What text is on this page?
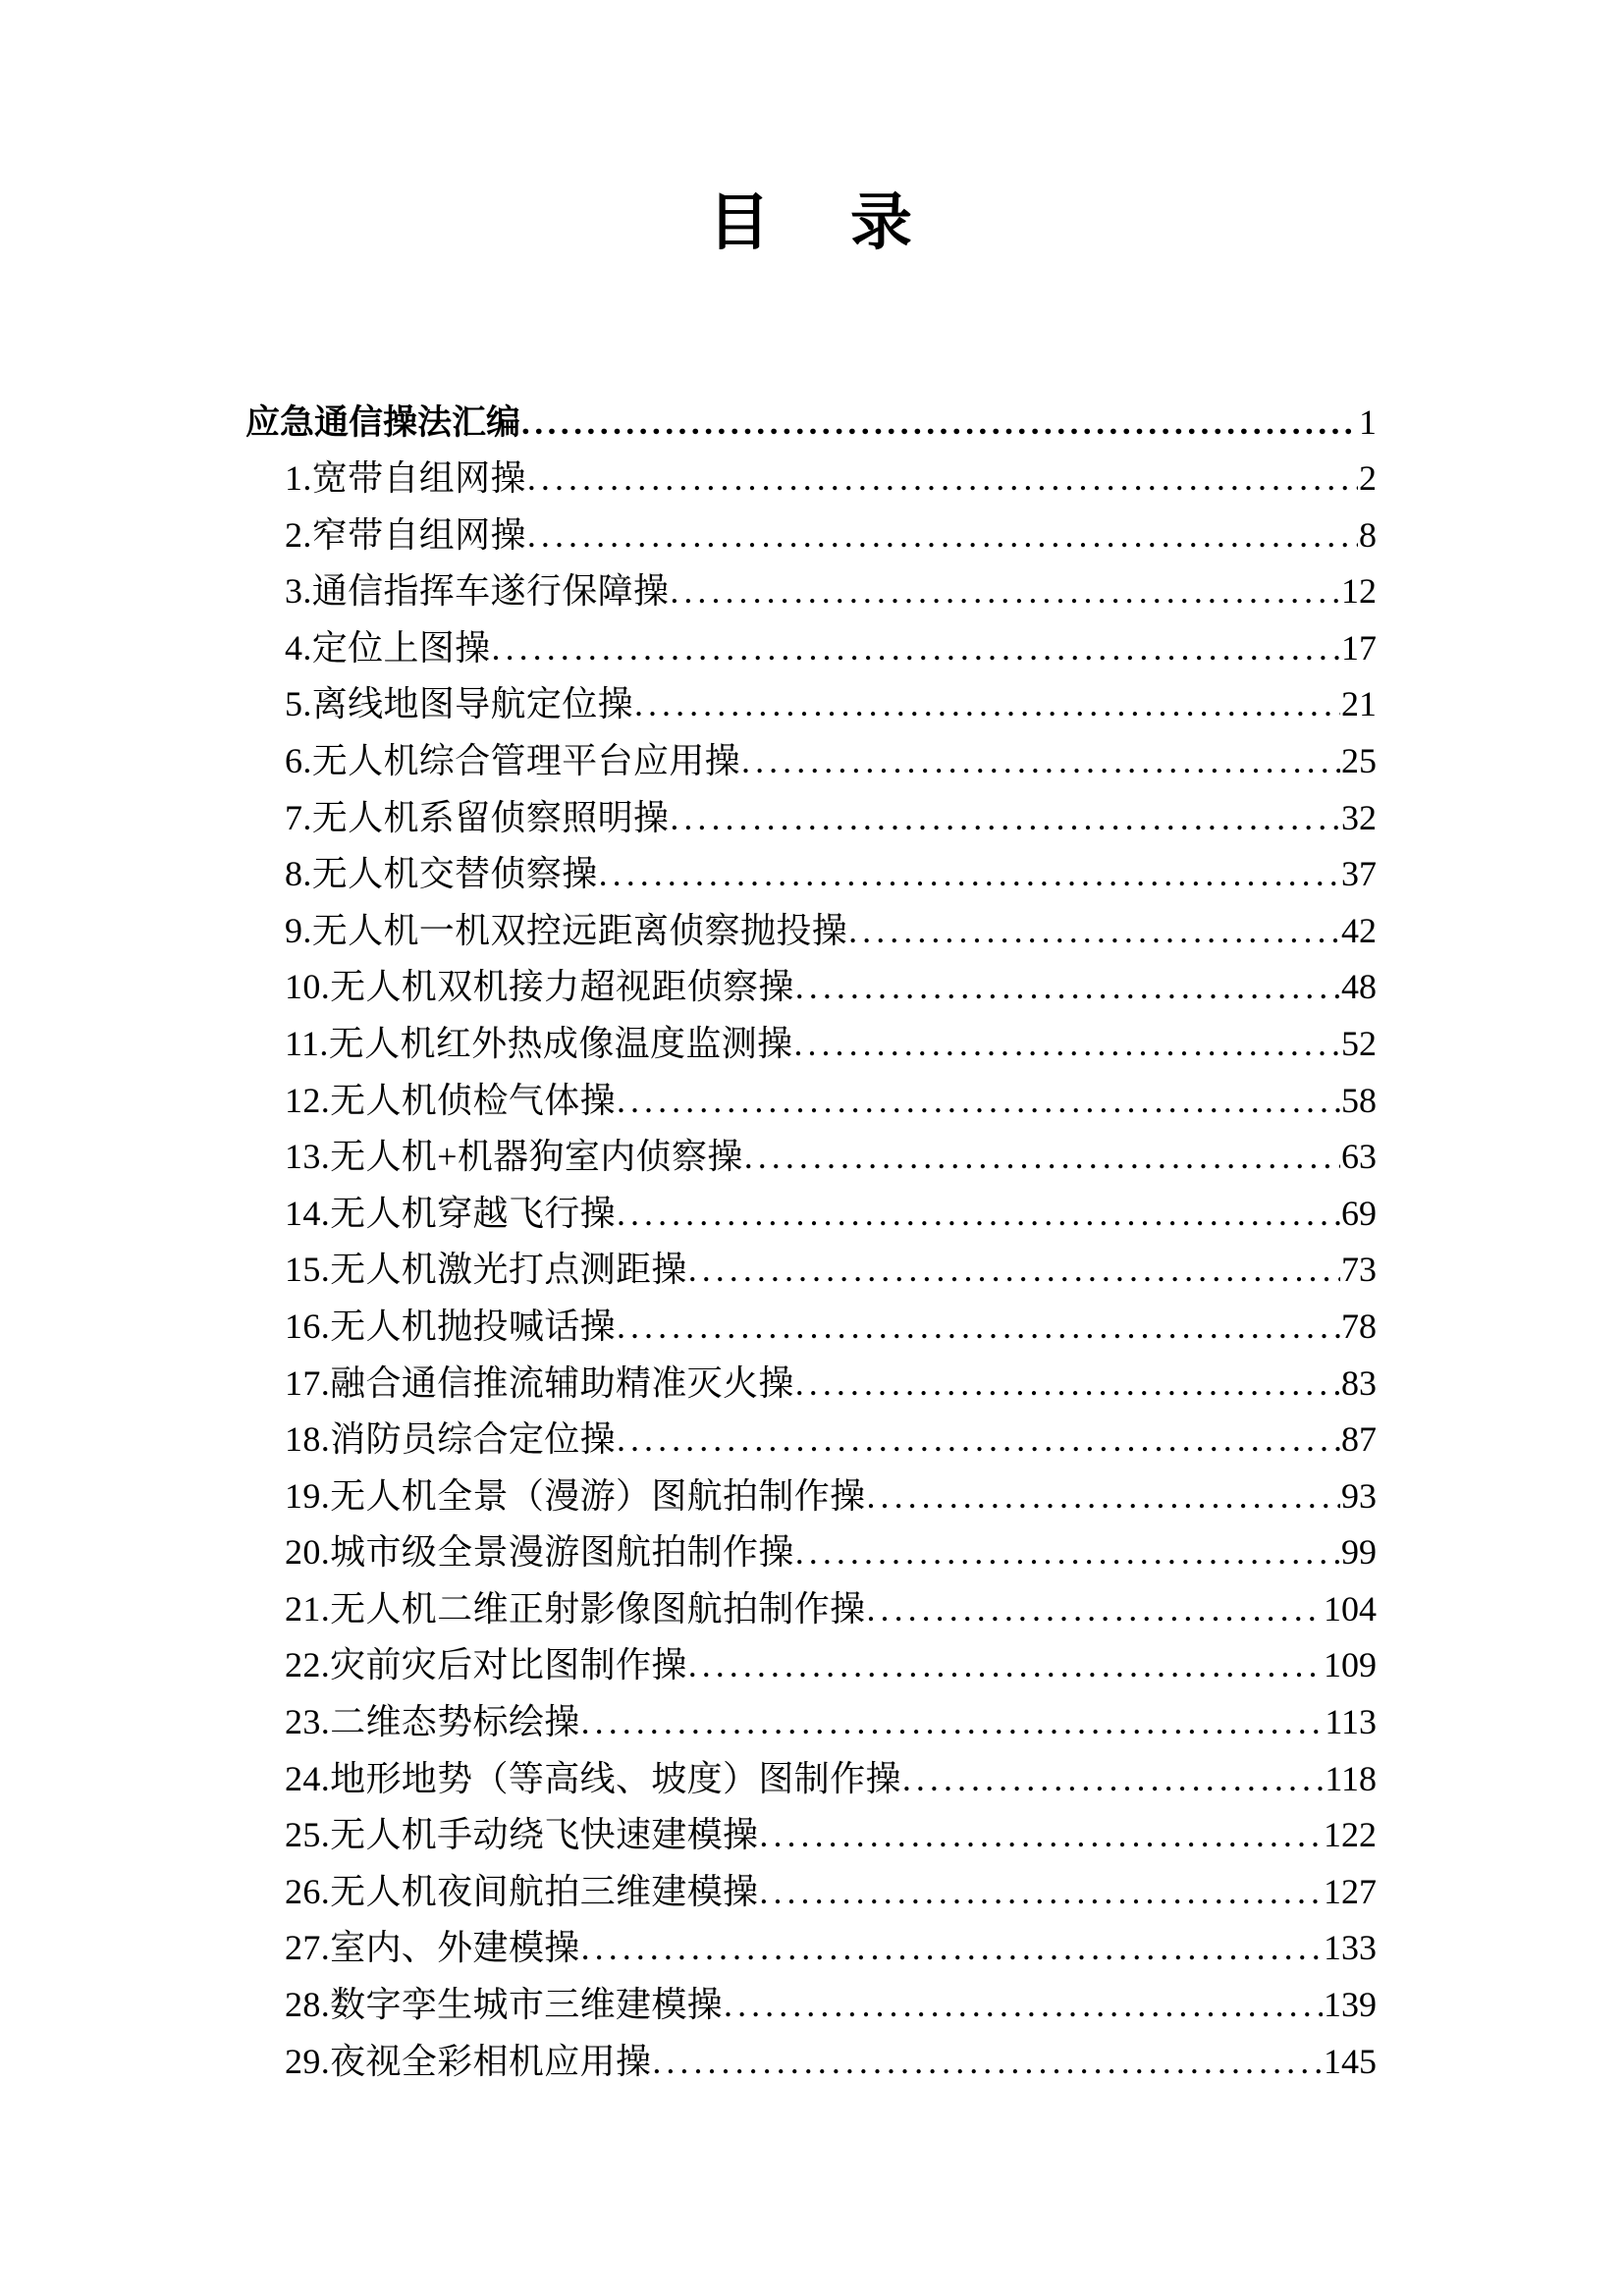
目    录
应急通信操法汇编 . . .	1
1.宽带自组网操 . . .	2
2.窄带自组网操 . . .	8
3.通信指挥车遂行保障操 . . .	12
4.定位上图操 . . .	17
5.离线地图导航定位操 . . .	21
6.无人机综合管理平台应用操 . . .	25
7.无人机系留侦察照明操 . . .	32
8.无人机交替侦察操 . . .	37
9.无人机一机双控远距离侦察抛投操 . . .	42
10.无人机双机接力超视距侦察操 . . .	48
11.无人机红外热成像温度监测操 . . .	52
12.无人机侦检气体操 . . .	58
13.无人机+机器狗室内侦察操 . . .	63
14.无人机穿越飞行操 . . .	69
15.无人机激光打点测距操 . . .	73
16.无人机抛投喊话操 . . .	78
17.融合通信推流辅助精准灭火操 . . .	83
18.消防员综合定位操 . . .	87
19.无人机全景（漫游）图航拍制作操 . . .	93
20.城市级全景漫游图航拍制作操 . . .	99
21.无人机二维正射影像图航拍制作操 . . .	104
22.灾前灾后对比图制作操 . . .	109
23.二维态势标绘操 . . .	113
24.地形地势（等高线、坡度）图制作操 . . .	118
25.无人机手动绕飞快速建模操 . . .	122
26.无人机夜间航拍三维建模操 . . .	127
27.室内、外建模操 . . .	133
28.数字孪生城市三维建模操 . . .	139
29.夜视全彩相机应用操 . . .	145
